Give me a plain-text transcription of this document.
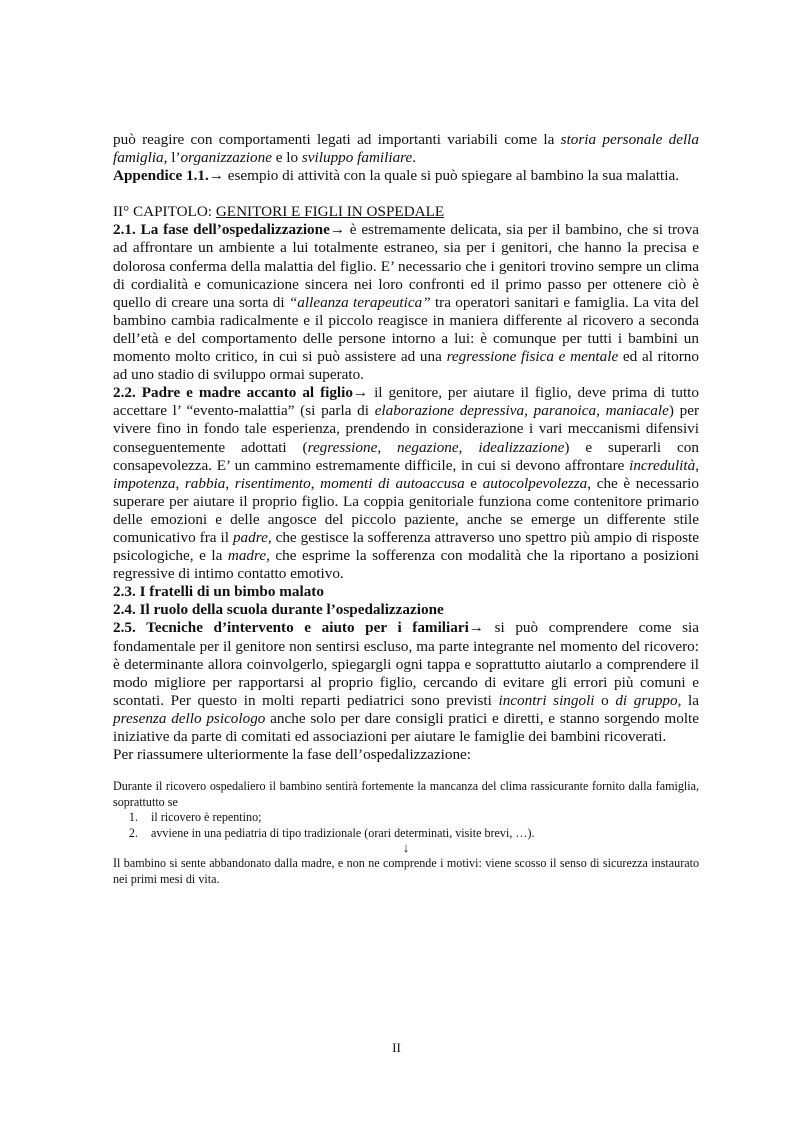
può reagire con comportamenti legati ad importanti variabili come la storia personale della famiglia, l’organizzazione e lo sviluppo familiare.

Appendice 1.1.→ esempio di attività con la quale si può spiegare al bambino la sua malattia.

II° CAPITOLO: GENITORI E FIGLI IN OSPEDALE

2.1. La fase dell’ospedalizzazione→ è estremamente delicata, sia per il bambino, che si trova ad affrontare un ambiente a lui totalmente estraneo, sia per i genitori, che hanno la precisa e dolorosa conferma della malattia del figlio. E’ necessario che i genitori trovino sempre un clima di cordialità e comunicazione sincera nei loro confronti ed il primo passo per ottenere ciò è quello di creare una sorta di “alleanza terapeutica” tra operatori sanitari e famiglia. La vita del bambino cambia radicalmente e il piccolo reagisce in maniera differente al ricovero a seconda dell’età e del comportamento delle persone intorno a lui: è comunque per tutti i bambini un momento molto critico, in cui si può assistere ad una regressione fisica e mentale ed al ritorno ad uno stadio di sviluppo ormai superato.

2.2. Padre e madre accanto al figlio→ il genitore, per aiutare il figlio, deve prima di tutto accettare l’ “evento-malattia” (si parla di elaborazione depressiva, paranoica, maniacale) per vivere fino in fondo tale esperienza, prendendo in considerazione i vari meccanismi difensivi conseguentemente adottati (regressione, negazione, idealizzazione) e superarli con consapevolezza. E’ un cammino estremamente difficile, in cui si devono affrontare incredulità, impotenza, rabbia, risentimento, momenti di autoaccusa e autocolpevolezza, che è necessario superare per aiutare il proprio figlio. La coppia genitoriale funziona come contenitore primario delle emozioni e delle angosce del piccolo paziente, anche se emerge un differente stile comunicativo fra il padre, che gestisce la sofferenza attraverso uno spettro più ampio di risposte psicologiche, e la madre, che esprime la sofferenza con modalità che la riportano a posizioni regressive di intimo contatto emotivo.

2.3. I fratelli di un bimbo malato

2.4. Il ruolo della scuola durante l’ospedalizzazione

2.5. Tecniche d’intervento e aiuto per i familiari→ si può comprendere come sia fondamentale per il genitore non sentirsi escluso, ma parte integrante nel momento del ricovero: è determinante allora coinvolgerlo, spiegargli ogni tappa e soprattutto aiutarlo a comprendere il modo migliore per rapportarsi al proprio figlio, cercando di evitare gli errori più comuni e scontati. Per questo in molti reparti pediatrici sono previsti incontri singoli o di gruppo, la presenza dello psicologo anche solo per dare consigli pratici e diretti, e stanno sorgendo molte iniziative da parte di comitati ed associazioni per aiutare le famiglie dei bambini ricoverati.

Per riassumere ulteriormente la fase dell’ospedalizzazione:

Durante il ricovero ospedaliero il bambino sentirà fortemente la mancanza del clima rassicurante fornito dalla famiglia, soprattutto se

1. il ricovero è repentino;
2. avviene in una pediatria di tipo tradizionale (orari determinati, visite brevi, …).

↓

Il bambino si sente abbandonato dalla madre, e non ne comprende i motivi: viene scosso il senso di sicurezza instaurato nei primi mesi di vita.

II
